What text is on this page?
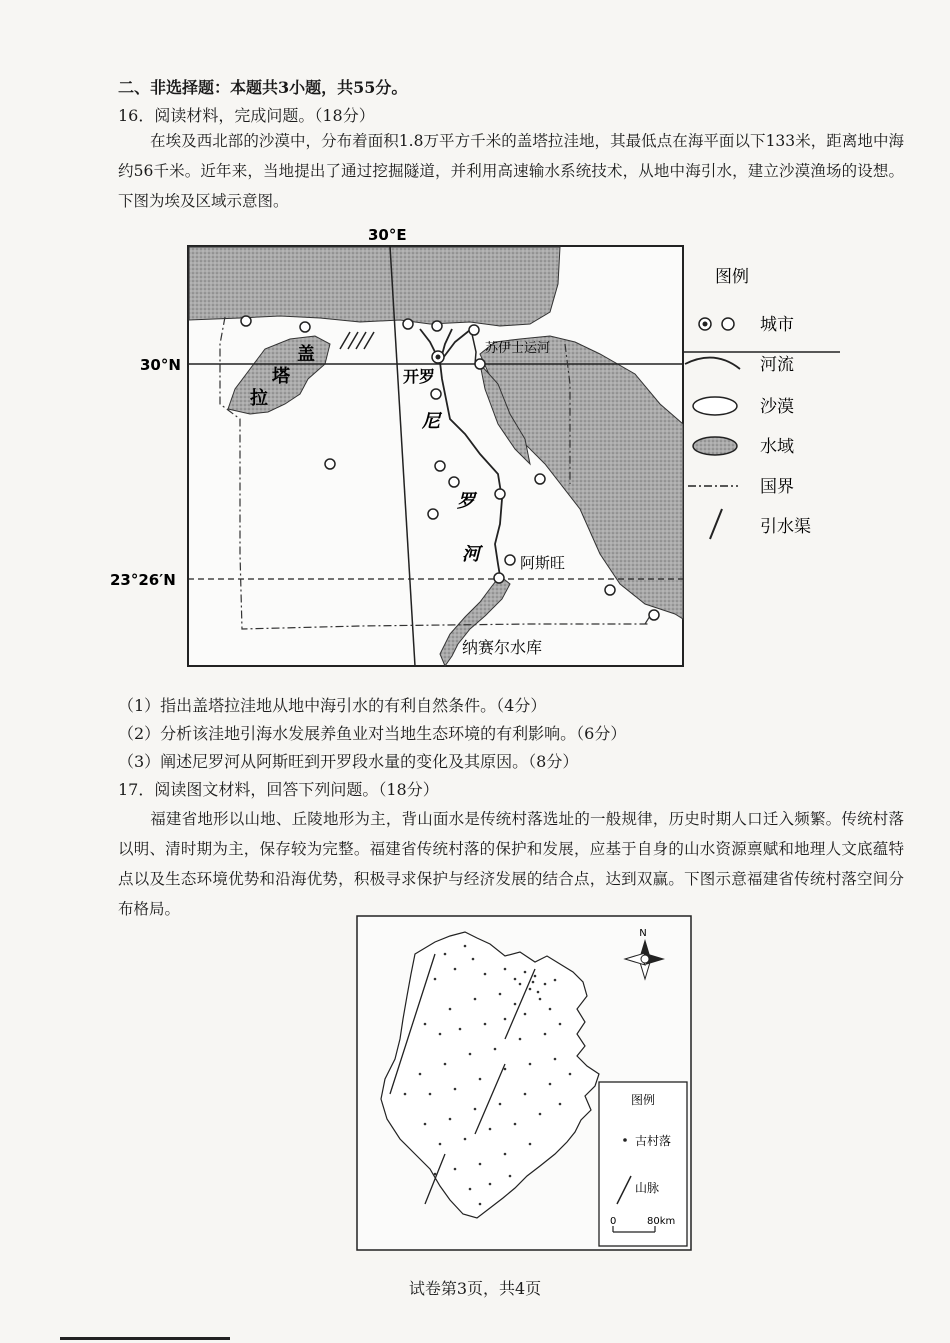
二、非选择题：本题共3小题，共55分。
16．阅读材料，完成问题。（18分）
在埃及西北部的沙漠中，分布着面积1.8万平方千米的盖塔拉洼地，其最低点在海平面以下133米，距离地中海约56千米。近年来，当地提出了通过挖掘隧道，并利用高速输水系统技术，从地中海引水，建立沙漠渔场的设想。下图为埃及区域示意图。
30°E
30°N
23°26′N
盖
塔
拉
开罗
尼
罗
河
苏伊士运河
阿斯旺
纳赛尔水库
图例
城市
河流
沙漠
水域
国界
引水渠
（1）指出盖塔拉洼地从地中海引水的有利自然条件。（4分）
（2）分析该洼地引海水发展养鱼业对当地生态环境的有利影响。（6分）
（3）阐述尼罗河从阿斯旺到开罗段水量的变化及其原因。（8分）
17．阅读图文材料，回答下列问题。（18分）
福建省地形以山地、丘陵地形为主，背山面水是传统村落选址的一般规律，历史时期人口迁入频繁。传统村落以明、清时期为主，保存较为完整。福建省传统村落的保护和发展，应基于自身的山水资源禀赋和地理人文底蕴特点以及生态环境优势和沿海优势，积极寻求保护与经济发展的结合点，达到双赢。下图示意福建省传统村落空间分布格局。
N
图例
古村落
山脉
0	80km
试卷第3页，共4页
